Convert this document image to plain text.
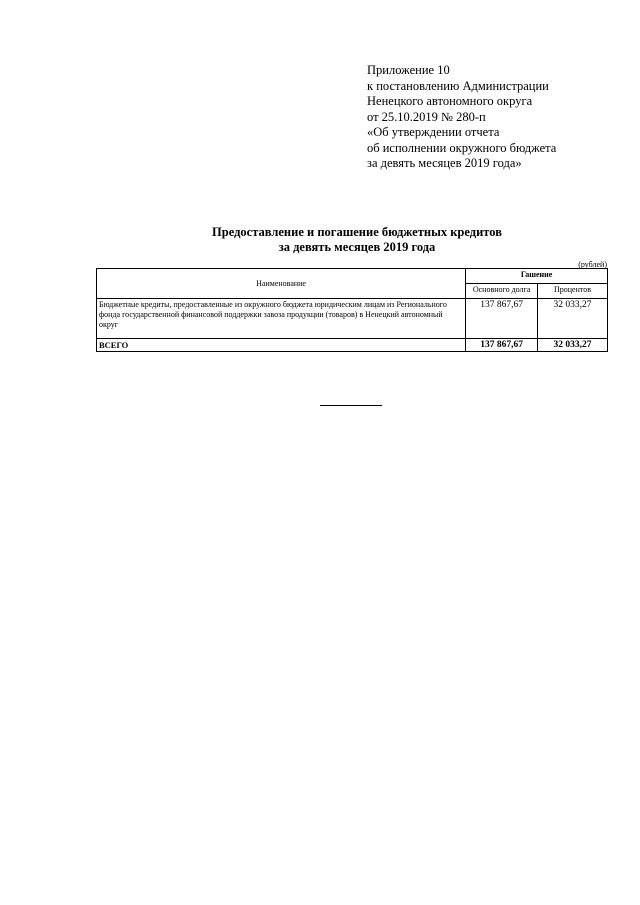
Приложение 10
к постановлению Администрации
Ненецкого автономного округа
от 25.10.2019 № 280-п
«Об утверждении отчета
об исполнении окружного бюджета
за девять месяцев 2019 года»
Предоставление и погашение бюджетных кредитов
за девять месяцев 2019 года
(рублей)
Наименование	Гашение	
	Основного долга	Процентов
Бюджетные кредиты, предоставленные из окружного бюджета юридическим лицам из Регионального фонда государственной финансовой поддержки завоза продукции (товаров) в Ненецкий автономный округ	137 867,67	32 033,27
ВСЕГО	137 867,67	32 033,27
